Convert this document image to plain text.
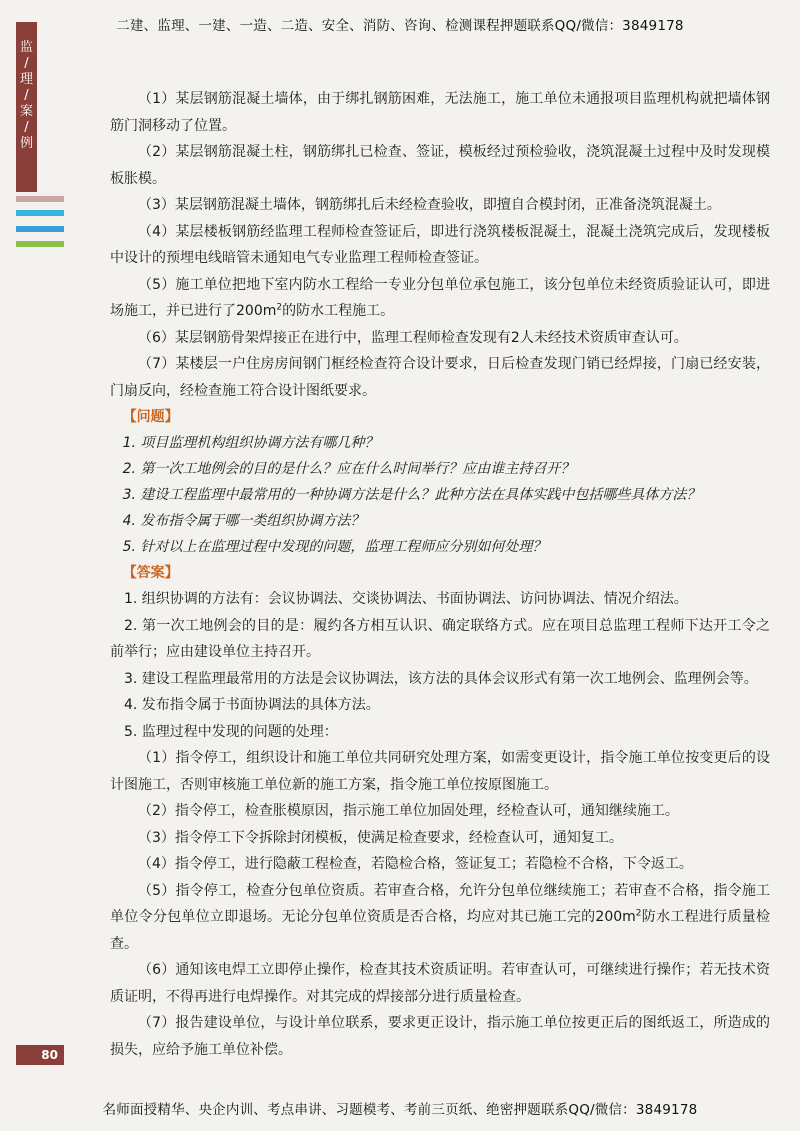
二建、监理、一建、一造、二造、安全、消防、咨询、检测课程押题联系QQ/微信：3849178
监
/
理
/
案
/
例

（1）某层钢筋混凝土墙体，由于绑扎钢筋困难，无法施工，施工单位未通报项目监理机构就把墙体钢筋门洞移动了位置。

（2）某层钢筋混凝土柱，钢筋绑扎已检查、签证，模板经过预检验收，浇筑混凝土过程中及时发现模板胀模。

（3）某层钢筋混凝土墙体，钢筋绑扎后未经检查验收，即擅自合模封闭，正准备浇筑混凝土。

（4）某层楼板钢筋经监理工程师检查签证后，即进行浇筑楼板混凝土，混凝土浇筑完成后，发现楼板中设计的预埋电线暗管未通知电气专业监理工程师检查签证。

（5）施工单位把地下室内防水工程给一专业分包单位承包施工，该分包单位未经资质验证认可，即进场施工，并已进行了$200m^2$的防水工程施工。

（6）某层钢筋骨架焊接正在进行中，监理工程师检查发现有2人未经技术资质审查认可。

（7）某楼层一户住房房间钢门框经检查符合设计要求，日后检查发现门销已经焊接，门扇已经安装，门扇反向，经检查施工符合设计图纸要求。

【问题】

1. 项目监理机构组织协调方法有哪几种？

2. 第一次工地例会的目的是什么？应在什么时间举行？应由谁主持召开？

3. 建设工程监理中最常用的一种协调方法是什么？此种方法在具体实践中包括哪些具体方法？

4. 发布指令属于哪一类组织协调方法？

5. 针对以上在监理过程中发现的问题，监理工程师应分别如何处理？

【答案】

1. 组织协调的方法有：会议协调法、交谈协调法、书面协调法、访问协调法、情况介绍法。

2. 第一次工地例会的目的是：履约各方相互认识、确定联络方式。应在项目总监理工程师下达开工令之前举行；应由建设单位主持召开。

3. 建设工程监理最常用的方法是会议协调法，该方法的具体会议形式有第一次工地例会、监理例会等。

4. 发布指令属于书面协调法的具体方法。

5. 监理过程中发现的问题的处理：

（1）指令停工，组织设计和施工单位共同研究处理方案，如需变更设计，指令施工单位按变更后的设计图施工，否则审核施工单位新的施工方案，指令施工单位按原图施工。

（2）指令停工，检查胀模原因，指示施工单位加固处理，经检查认可，通知继续施工。

（3）指令停工下令拆除封闭模板，使满足检查要求，经检查认可，通知复工。

（4）指令停工，进行隐蔽工程检查，若隐检合格，签证复工；若隐检不合格，下令返工。

（5）指令停工，检查分包单位资质。若审查合格，允许分包单位继续施工；若审查不合格，指令施工单位令分包单位立即退场。无论分包单位资质是否合格，均应对其已施工完的$200m^2$防水工程进行质量检查。

（6）通知该电焊工立即停止操作，检查其技术资质证明。若审查认可，可继续进行操作；若无技术资质证明，不得再进行电焊操作。对其完成的焊接部分进行质量检查。

（7）报告建设单位，与设计单位联系，要求更正设计，指示施工单位按更正后的图纸返工，所造成的损失，应给予施工单位补偿。

80
名师面授精华、央企内训、考点串讲、习题模考、考前三页纸、绝密押题联系QQ/微信：3849178
